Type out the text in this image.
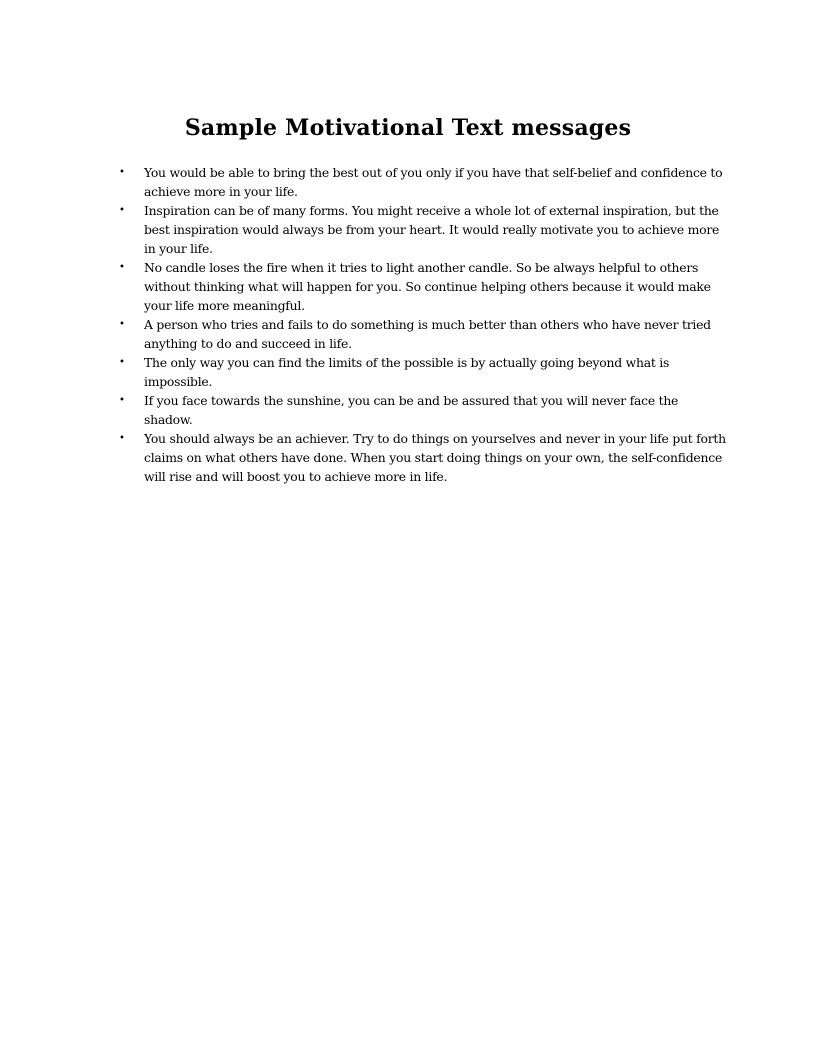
Sample Motivational Text messages
•	You would be able to bring the best out of you only if you have that self-belief and confidence to achieve more in your life.
•	Inspiration can be of many forms. You might receive a whole lot of external inspiration, but the best inspiration would always be from your heart. It would really motivate you to achieve more in your life.
•	No candle loses the fire when it tries to light another candle. So be always helpful to others without thinking what will happen for you. So continue helping others because it would make your life more meaningful.
•	A person who tries and fails to do something is much better than others who have never tried anything to do and succeed in life.
•	The only way you can find the limits of the possible is by actually going beyond what is impossible.
•	If you face towards the sunshine, you can be and be assured that you will never face the shadow.
•	You should always be an achiever. Try to do things on yourselves and never in your life put forth claims on what others have done. When you start doing things on your own, the self-confidence will rise and will boost you to achieve more in life.
